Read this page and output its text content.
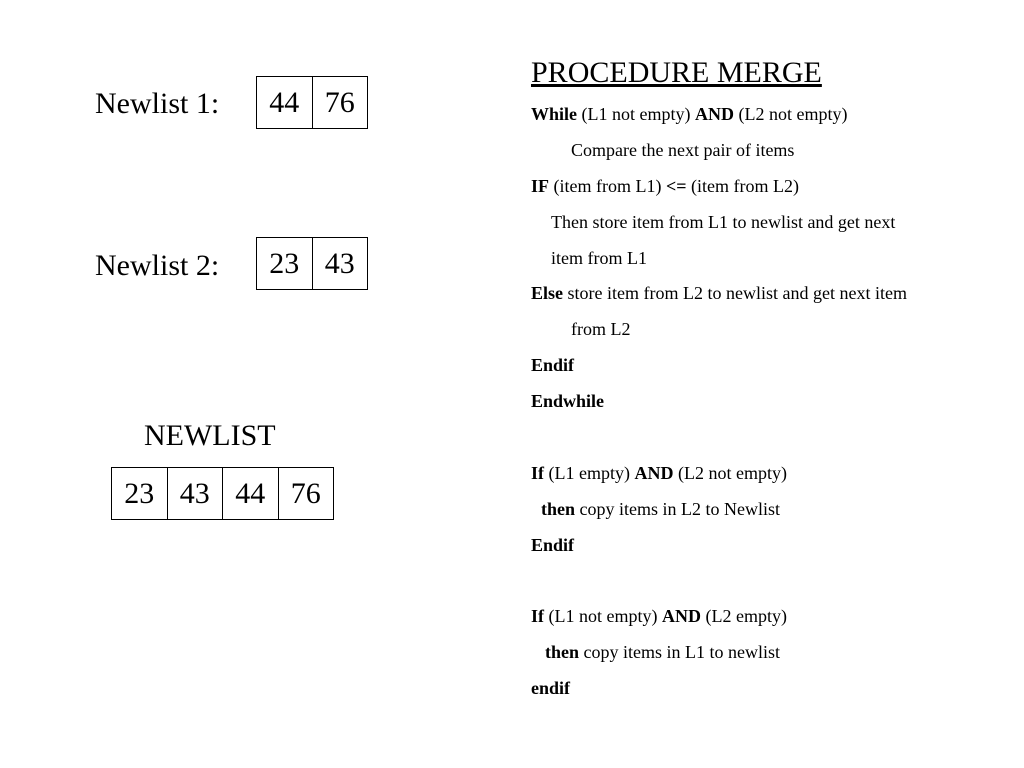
Newlist 1:	44 76
Newlist 2:	23 43
NEWLIST
23 43 44 76
PROCEDURE MERGE
While (L1 not empty) AND (L2 not empty)
Compare the next pair of items
IF (item from L1) <= (item from L2)
Then store item from L1 to newlist and get next
item from L1
Else store item from L2 to newlist and get next item
from L2
Endif
Endwhile
If (L1 empty) AND (L2 not empty)
then copy items in L2 to Newlist
Endif
If (L1 not empty) AND (L2 empty)
then copy items in L1 to newlist
endif
